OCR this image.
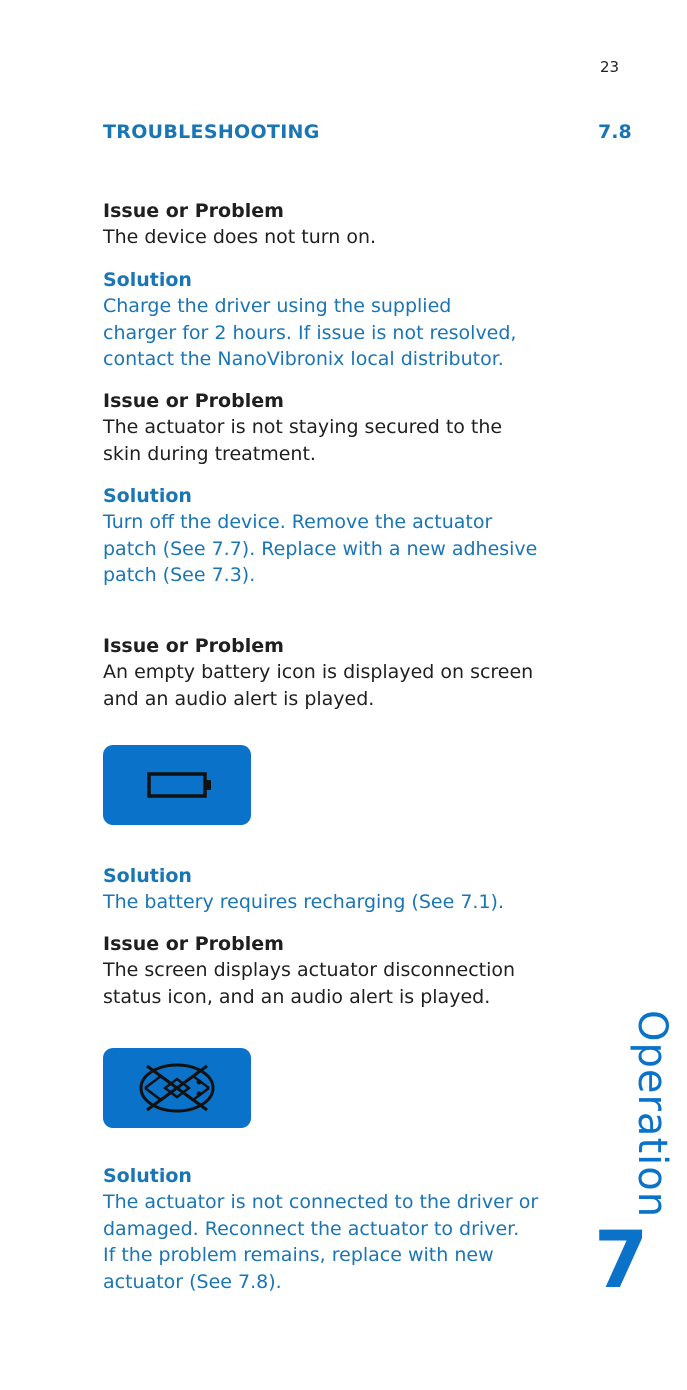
23
TROUBLESHOOTING	7.8

Issue or Problem

The device does not turn on.

Solution

Charge the driver using the supplied
charger for 2 hours. If issue is not resolved,
contact the NanoVibronix local distributor.

Issue or Problem

The actuator is not staying secured to the
skin during treatment.

Solution

Turn off the device. Remove the actuator
patch (See 7.7). Replace with a new adhesive
patch (See 7.3).

Issue or Problem

An empty battery icon is displayed on screen
and an audio alert is played.

Solution

The battery requires recharging (See 7.1).

Issue or Problem

The screen displays actuator disconnection
status icon, and an audio alert is played.

Solution

The actuator is not connected to the driver or
damaged. Reconnect the actuator to driver.
If the problem remains, replace with new
actuator (See 7.8).

Operation
7
